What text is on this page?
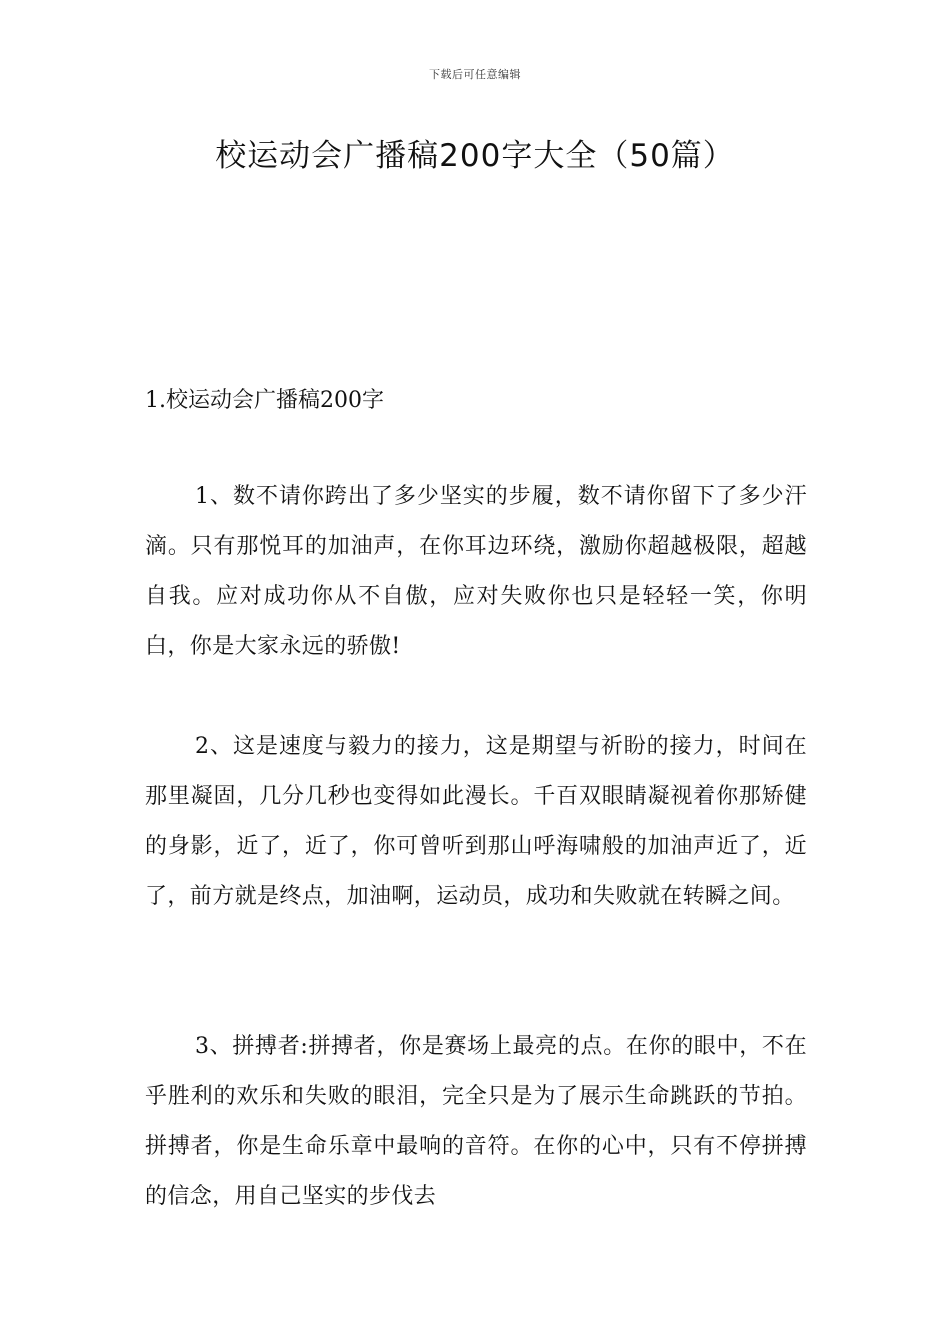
下载后可任意编辑
校运动会广播稿200字大全（50篇）
1.校运动会广播稿200字

1、数不请你跨出了多少坚实的步履，数不请你留下了多少汗滴。只有那悦耳的加油声，在你耳边环绕，激励你超越极限，超越自我。应对成功你从不自傲，应对失败你也只是轻轻一笑，你明白，你是大家永远的骄傲!

2、这是速度与毅力的接力，这是期望与祈盼的接力，时间在那里凝固，几分几秒也变得如此漫长。千百双眼睛凝视着你那矫健的身影，近了，近了，你可曾听到那山呼海啸般的加油声近了，近了，前方就是终点，加油啊，运动员，成功和失败就在转瞬之间。

3、拼搏者:拼搏者，你是赛场上最亮的点。在你的眼中，不在乎胜利的欢乐和失败的眼泪，完全只是为了展示生命跳跃的节拍。拼搏者，你是生命乐章中最响的音符。在你的心中，只有不停拼搏的信念，用自己坚实的步伐去
